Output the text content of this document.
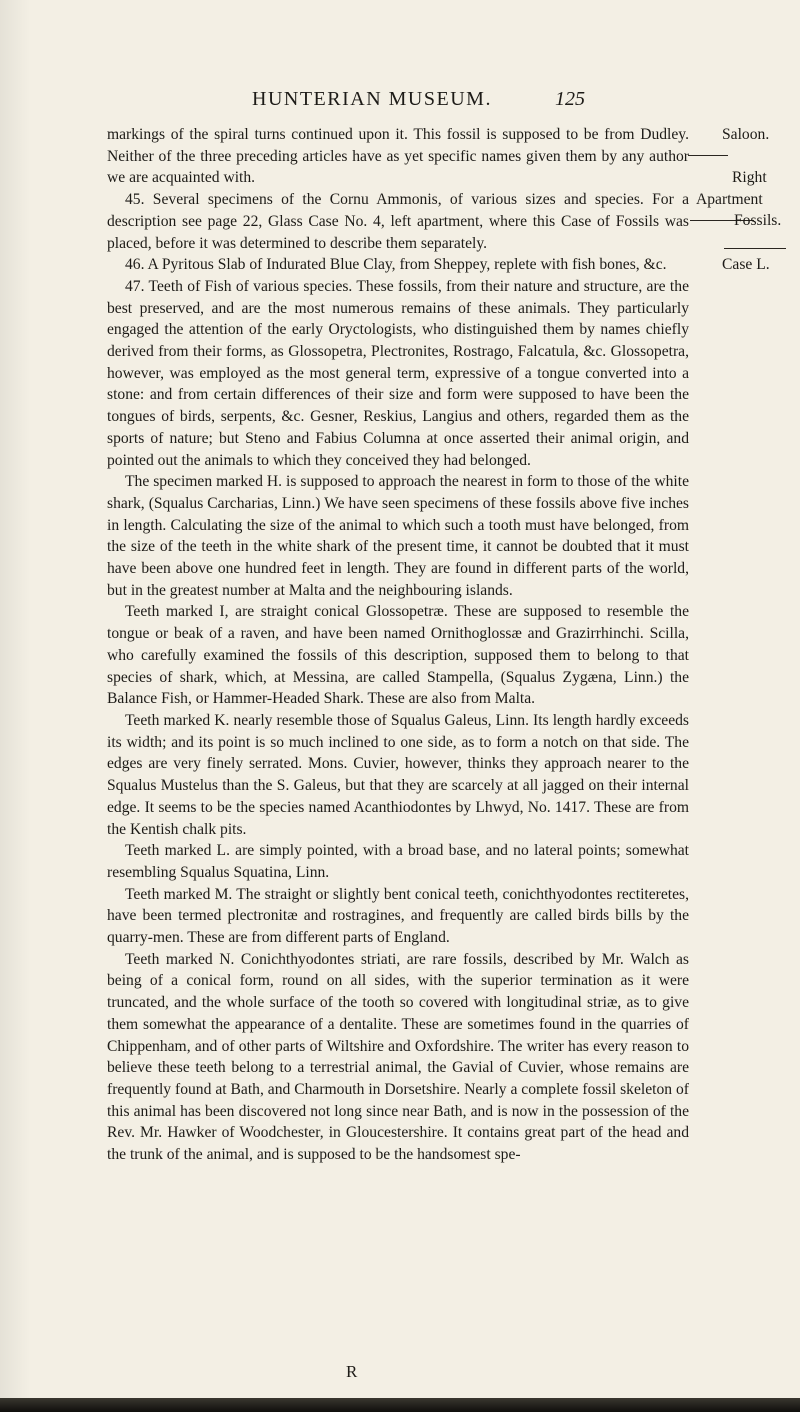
HUNTERIAN MUSEUM.	125

markings of the spiral turns continued upon it. This fossil is supposed to be from Dudley. Neither of the three preceding articles have as yet specific names given them by any author we are acquainted with.

45. Several specimens of the Cornu Ammonis, of various sizes and species. For a description see page 22, Glass Case No. 4, left apartment, where this Case of Fossils was placed, before it was determined to describe them separately.

46. A Pyritous Slab of Indurated Blue Clay, from Sheppey, replete with fish bones, &c.

47. Teeth of Fish of various species. These fossils, from their nature and structure, are the best preserved, and are the most numerous remains of these animals. They particularly engaged the attention of the early Oryctologists, who distinguished them by names chiefly derived from their forms, as Glossopetra, Plectronites, Rostrago, Falcatula, &c. Glossopetra, however, was employed as the most general term, expressive of a tongue converted into a stone: and from certain differences of their size and form were supposed to have been the tongues of birds, serpents, &c. Gesner, Reskius, Langius and others, regarded them as the sports of nature; but Steno and Fabius Columna at once asserted their animal origin, and pointed out the animals to which they conceived they had belonged.

The specimen marked H. is supposed to approach the nearest in form to those of the white shark, (Squalus Carcharias, Linn.) We have seen specimens of these fossils above five inches in length. Calculating the size of the animal to which such a tooth must have belonged, from the size of the teeth in the white shark of the present time, it cannot be doubted that it must have been above one hundred feet in length. They are found in different parts of the world, but in the greatest number at Malta and the neighbouring islands.

Teeth marked I, are straight conical Glossopetræ. These are supposed to resemble the tongue or beak of a raven, and have been named Ornithoglossæ and Grazirrhinchi. Scilla, who carefully examined the fossils of this description, supposed them to belong to that species of shark, which, at Messina, are called Stampella, (Squalus Zygæna, Linn.) the Balance Fish, or Hammer-Headed Shark. These are also from Malta.

Teeth marked K. nearly resemble those of Squalus Galeus, Linn. Its length hardly exceeds its width; and its point is so much inclined to one side, as to form a notch on that side. The edges are very finely serrated. Mons. Cuvier, however, thinks they approach nearer to the Squalus Mustelus than the S. Galeus, but that they are scarcely at all jagged on their internal edge. It seems to be the species named Acanthiodontes by Lhwyd, No. 1417. These are from the Kentish chalk pits.

Teeth marked L. are simply pointed, with a broad base, and no lateral points; somewhat resembling Squalus Squatina, Linn.

Teeth marked M. The straight or slightly bent conical teeth, conichthyodontes rectiteretes, have been termed plectronitæ and rostragines, and frequently are called birds bills by the quarry-men. These are from different parts of England.

Teeth marked N. Conichthyodontes striati, are rare fossils, described by Mr. Walch as being of a conical form, round on all sides, with the superior termination as it were truncated, and the whole surface of the tooth so covered with longitudinal striæ, as to give them somewhat the appearance of a dentalite. These are sometimes found in the quarries of Chippenham, and of other parts of Wiltshire and Oxfordshire. The writer has every reason to believe these teeth belong to a terrestrial animal, the Gavial of Cuvier, whose remains are frequently found at Bath, and Charmouth in Dorsetshire. Nearly a complete fossil skeleton of this animal has been discovered not long since near Bath, and is now in the possession of the Rev. Mr. Hawker of Woodchester, in Gloucestershire. It contains great part of the head and the trunk of the animal, and is supposed to be the handsomest spe-

Saloon.
Right
Apartment
Fossils.
Case L.
R
